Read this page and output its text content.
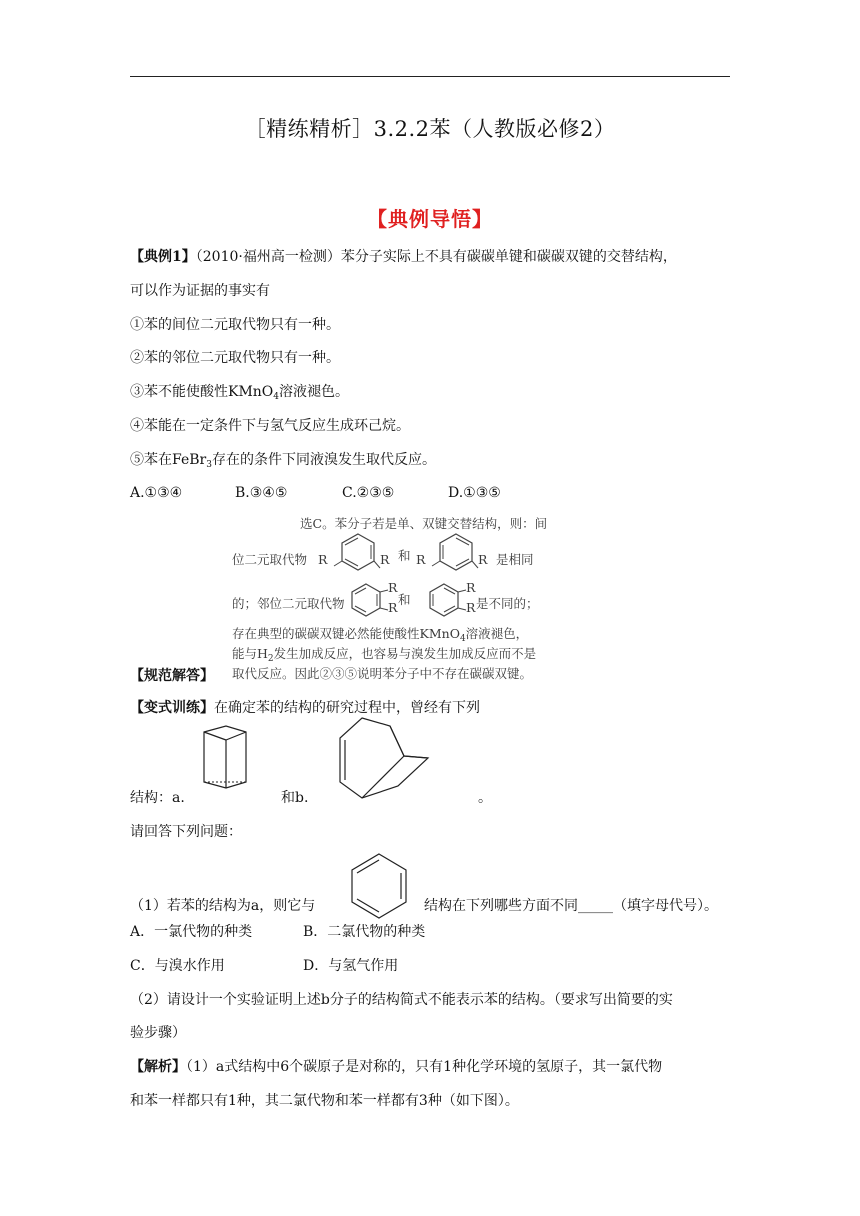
［精练精析］3.2.2苯（人教版必修2）
【典例导悟】
【典例1】（2010·福州高一检测）苯分子实际上不具有碳碳单键和碳碳双键的交替结构，
可以作为证据的事实有
①苯的间位二元取代物只有一种。
②苯的邻位二元取代物只有一种。
③苯不能使酸性KMnO$_4$溶液褪色。
④苯能在一定条件下与氢气反应生成环己烷。
⑤苯在FeBr$_3$存在的条件下同液溴发生取代反应。
A.①③④	B.③④⑤	C.②③⑤	D.①③⑤
选C。苯分子若是单、双键交替结构，则：间
位二元取代物	和	是相同
的；邻位二元取代物	和	是不同的；
存在典型的碳碳双键必然能使酸性KMnO$_4$溶液褪色，
能与$H_2$发生加成反应，也容易与溴发生加成反应而不是
取代反应。因此②③⑤说明苯分子中不存在碳碳双键。
R	R R	R
R
R
R
R
【规范解答】
【变式训练】在确定苯的结构的研究过程中，曾经有下列
结构：a.	和b.	。
请回答下列问题：
（1）若苯的结构为a，则它与	结构在下列哪些方面不同_____（填字母代号）。
A．一氯代物的种类	B．二氯代物的种类
C．与溴水作用	D．与氢气作用
（2）请设计一个实验证明上述b分子的结构简式不能表示苯的结构。（要求写出简要的实
验步骤）
【解析】（1）a式结构中6个碳原子是对称的，只有1种化学环境的氢原子，其一氯代物
和苯一样都只有1种，其二氯代物和苯一样都有3种（如下图）。
